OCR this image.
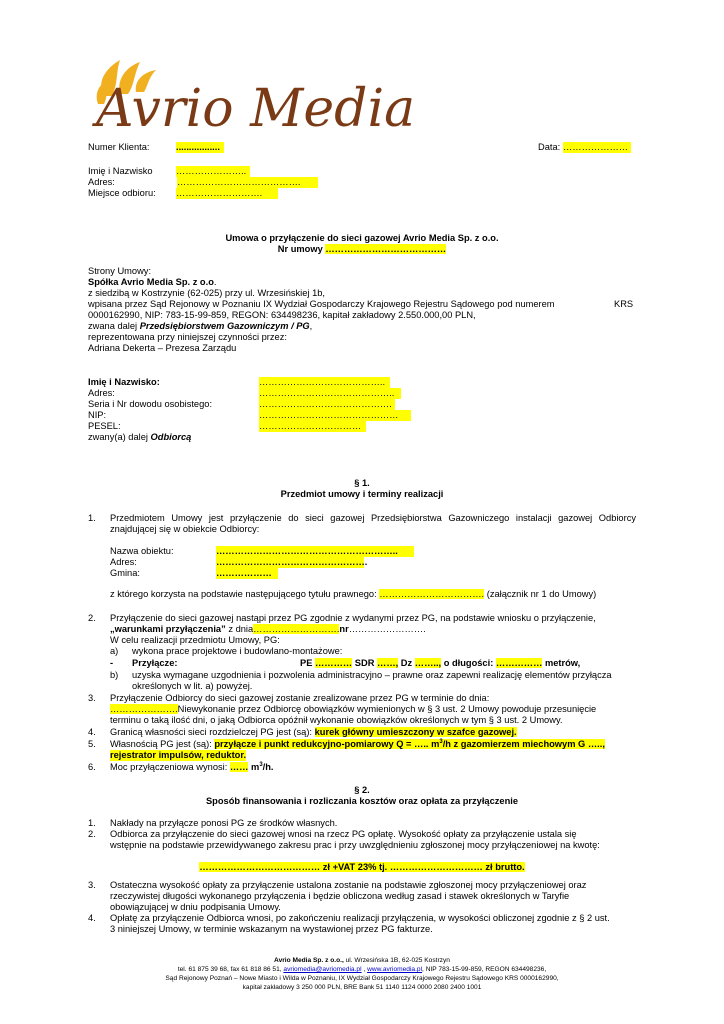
Avrio Media
Numer Klienta:	.................	Data: …………………
Imię i Nazwisko	…………………..
Adres:	………………………………….
Miejsce odbioru: ……………………….
Umowa o przyłączenie do sieci gazowej Avrio Media Sp. z o.o.
Nr umowy …………………………………
Strony Umowy:
Spółka Avrio Media Sp. z o.o.
z siedzibą w Kostrzynie (62-025) przy ul. Wrzesińskiej 1b,
wpisana przez Sąd Rejonowy w Poznaniu IX Wydział Gospodarczy Krajowego Rejestru Sądowego pod numerem	KRS
0000162990, NIP: 783-15-99-859, REGON: 634498236, kapitał zakładowy 2.550.000,00 PLN,
zwana dalej Przedsiębiorstwem Gazowniczym / PG,
reprezentowana przy niniejszej czynności przez:
Adriana Dekerta – Prezesa Zarządu
Imię i Nazwisko:	…………………………………..
Adres:	……………………………………..
Seria i Nr dowodu osobistego:	…………………………………….
NIP:	………………………………………
PESEL:	……………………………
zwany(a) dalej Odbiorcą
§ 1.
Przedmiot umowy i terminy realizacji
1. Przedmiotem Umowy jest przyłączenie do sieci gazowej Przedsiębiorstwa Gazowniczego instalacji gazowej Odbiorcy znajdującej się w obiekcie Odbiorcy:
Nazwa obiektu:	…………………………………………………..
Adres:	………………………………………….
Gmina:	………………
z którego korzysta na podstawie następującego tytułu prawnego: ……………………………. (załącznik nr 1 do Umowy)
2. Przyłączenie do sieci gazowej nastąpi przez PG zgodnie z wydanymi przez PG, na podstawie wniosku o przyłączenie,
„warunkami przyłączenia” z dnia……………………….nr…………………….
W celu realizacji przedmiotu Umowy, PG:
a) wykona prace projektowe i budowlano-montażowe:
- Przyłącze:	PE ………… SDR ……, Dz …….., o długości: …………… metrów,
b) uzyska wymagane uzgodnienia i pozwolenia administracyjno – prawne oraz zapewni realizację elementów przyłącza
określonych w lit. a) powyżej.
3. Przyłączenie Odbiorcy do sieci gazowej zostanie zrealizowane przez PG w terminie do dnia:
………………….Niewykonanie przez Odbiorcę obowiązków wymienionych w § 3 ust. 2 Umowy powoduje przesunięcie
terminu o taką ilość dni, o jaką Odbiorca opóźnił wykonanie obowiązków określonych w tym § 3 ust. 2 Umowy.
4. Granicą własności sieci rozdzielczej PG jest (są): kurek główny umieszczony w szafce gazowej.
5. Własnością PG jest (są): przyłącze i punkt redukcyjno-pomiarowy Q = ….. $m^3/h$ z gazomierzem miechowym G …..,
rejestrator impulsów, reduktor.
6. Moc przyłączeniowa wynosi: …… $m^3/h$.
§ 2.
Sposób finansowania i rozliczania kosztów oraz opłata za przyłączenie
1. Nakłady na przyłącze ponosi PG ze środków własnych.
2. Odbiorca za przyłączenie do sieci gazowej wnosi na rzecz PG opłatę. Wysokość opłaty za przyłączenie ustala się
wstępnie na podstawie przewidywanego zakresu prac i przy uwzględnieniu zgłoszonej mocy przyłączeniowej na kwotę:
………………………………… zł +VAT 23% tj. ………………………… zł brutto.
3. Ostateczna wysokość opłaty za przyłączenie ustalona zostanie na podstawie zgłoszonej mocy przyłączeniowej oraz
rzeczywistej długości wykonanego przyłączenia i będzie obliczona według zasad i stawek określonych w Taryfie
obowiązującej w dniu podpisania Umowy.
4. Opłatę za przyłączenie Odbiorca wnosi, po zakończeniu realizacji przyłączenia, w wysokości obliczonej zgodnie z § 2 ust.
3 niniejszej Umowy, w terminie wskazanym na wystawionej przez PG fakturze.
Avrio Media Sp. z o.o., ul. Wrzesińska 1B, 62-025 Kostrzyn
tel. 61 875 39 68, fax 61 818 86 51, avriomedia@avriomedia.pl , www.avriomedia.pl, NIP 783-15-99-859, REGON 634498236,
Sąd Rejonowy Poznań – Nowe Miasto i Wilda w Poznaniu, IX Wydział Gospodarczy Krajowego Rejestru Sądowego KRS 0000162990,
kapitał zakładowy 3 250 000 PLN, BRE Bank 51 1140 1124 0000 2080 2400 1001
